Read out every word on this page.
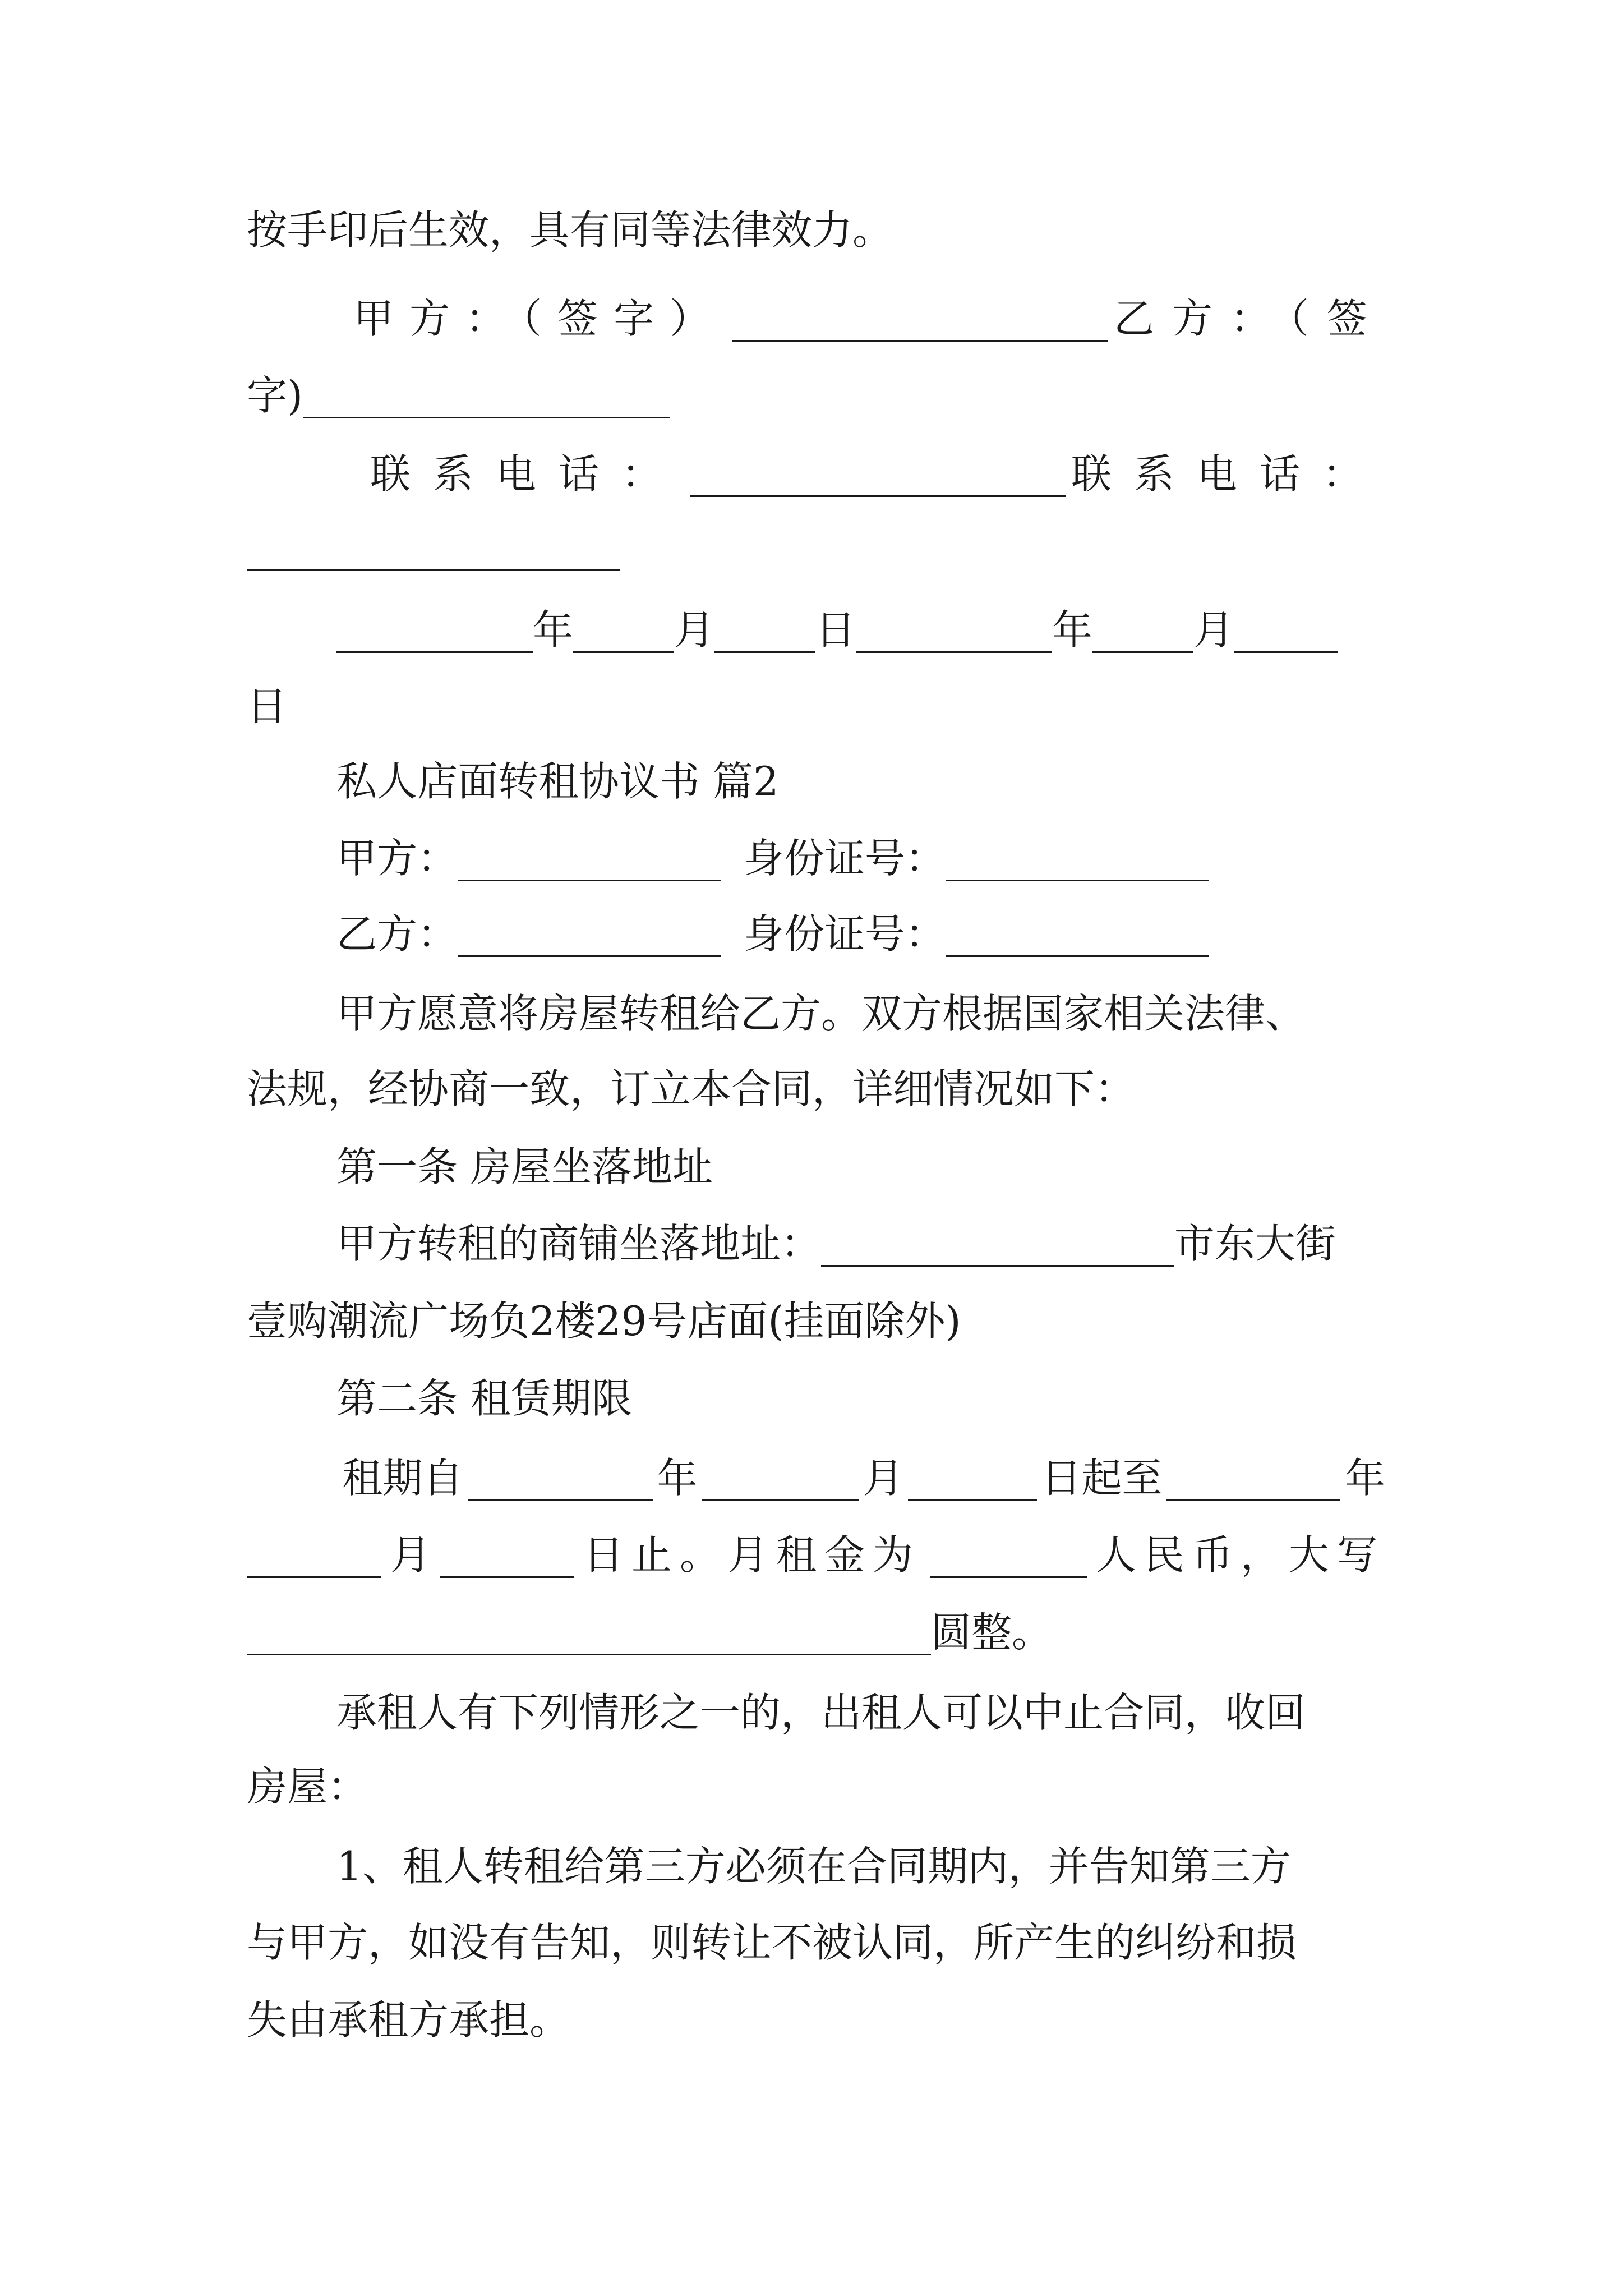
按手印后生效，具有同等法律效力。
甲方：（签字）	乙方：（签
字)
联系电话：	联系电话：
年	月	日	年	月
日
私人店面转租协议书 篇2
甲方：	身份证号：
乙方：	身份证号：
甲方愿意将房屋转租给乙方。双方根据国家相关法律、
法规，经协商一致，订立本合同，详细情况如下：
第一条 房屋坐落地址
甲方转租的商铺坐落地址：	市东大街
壹购潮流广场负2楼29号店面(挂面除外)
第二条 租赁期限
租期自	年	月	日起至	年
月	日止。月租金为	人民币，大写
圆整。
承租人有下列情形之一的，出租人可以中止合同，收回
房屋：
1、租人转租给第三方必须在合同期内，并告知第三方
与甲方，如没有告知，则转让不被认同，所产生的纠纷和损
失由承租方承担。
